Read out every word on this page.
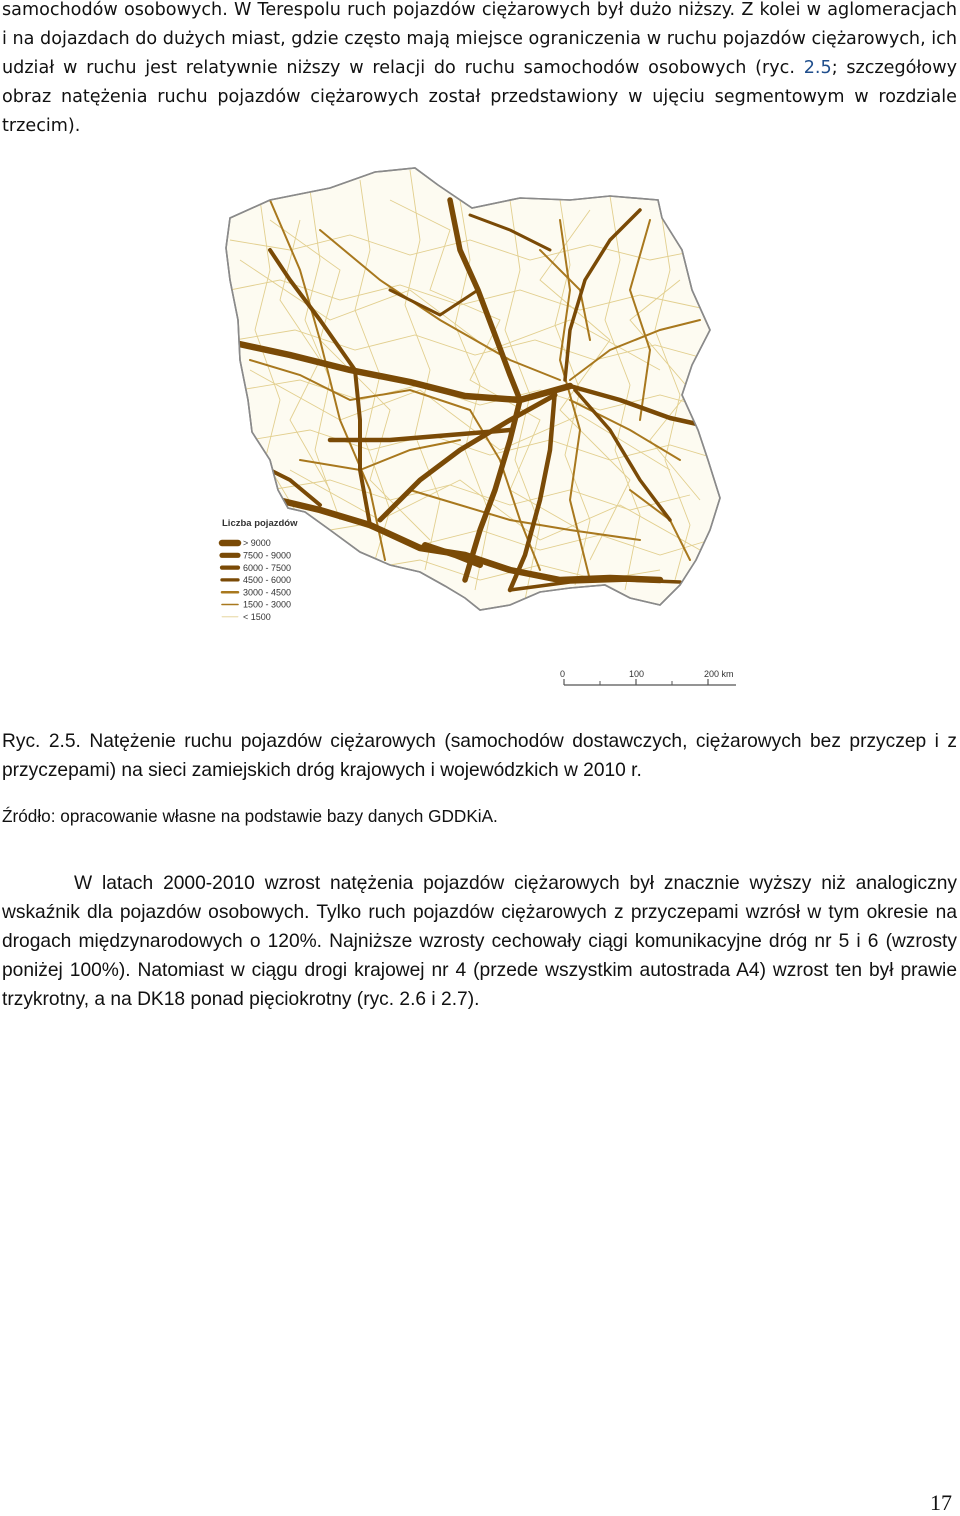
samochodów osobowych. W Terespolu ruch pojazdów ciężarowych był dużo niższy. Z kolei w aglomeracjach i na dojazdach do dużych miast, gdzie często mają miejsce ograniczenia w ruchu pojazdów ciężarowych, ich udział w ruchu jest relatywnie niższy w relacji do ruchu samochodów osobowych (ryc. 2.5; szczegółowy obraz natężenia ruchu pojazdów ciężarowych został przedstawiony w ujęciu segmentowym w rozdziale trzecim).

Liczba pojazdów
> 9000
7500 - 9000
6000 - 7500
4500 - 6000
3000 - 4500
1500 - 3000
< 1500
0	100	200 km

Ryc. 2.5. Natężenie ruchu pojazdów ciężarowych (samochodów dostawczych, ciężarowych bez przyczep i z przyczepami) na sieci zamiejskich dróg krajowych i wojewódzkich w 2010 r.

Źródło: opracowanie własne na podstawie bazy danych GDDKiA.

W latach 2000-2010 wzrost natężenia pojazdów ciężarowych był znacznie wyższy niż analogiczny wskaźnik dla pojazdów osobowych. Tylko ruch pojazdów ciężarowych z przyczepami wzrósł w tym okresie na drogach międzynarodowych o 120%. Najniższe wzrosty cechowały ciągi komunikacyjne dróg nr 5 i 6 (wzrosty poniżej 100%). Natomiast w ciągu drogi krajowej nr 4 (przede wszystkim autostrada A4) wzrost ten był prawie trzykrotny, a na DK18 ponad pięciokrotny (ryc. 2.6 i 2.7).

17
